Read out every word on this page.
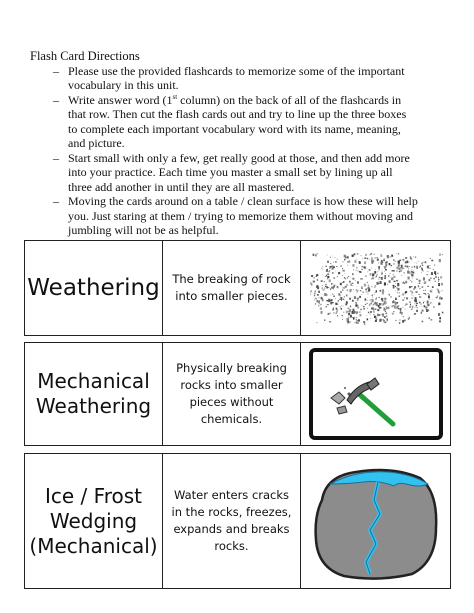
Flash Card Directions
– Please use the provided flashcards to memorize some of the important
vocabulary in this unit.
– Write answer word (1st column) on the back of all of the flashcards in
that row. Then cut the flash cards out and try to line up the three boxes
to complete each important vocabulary word with its name, meaning,
and picture.
– Start small with only a few, get really good at those, and then add more
into your practice. Each time you master a small set by lining up all
three add another in until they are all mastered.
– Moving the cards around on a table / clean surface is how these will help
you. Just staring at them / trying to memorize them without moving and
jumbling will not be as helpful.
Weathering The breaking of rock
into smaller pieces.
Mechanical
Weathering
Physically breaking
rocks into smaller
pieces without
chemicals.
Ice / Frost
Wedging
(Mechanical)
Water enters cracks
in the rocks, freezes,
expands and breaks
rocks.
